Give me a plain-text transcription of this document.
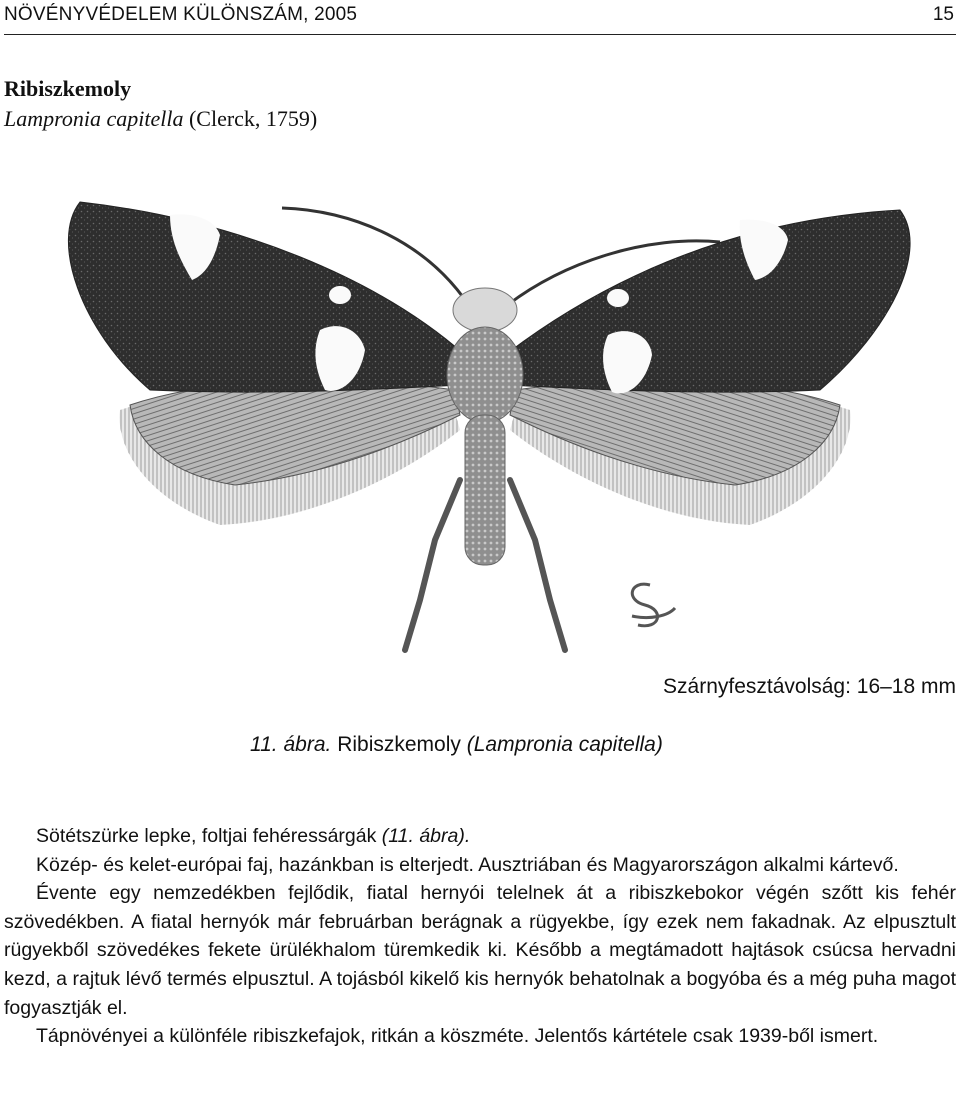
NÖVÉNYVÉDELEM KÜLÖNSZÁM, 2005	15
Ribiszkemoly
Lampronia capitella (Clerck, 1759)
Szárnyfesztávolság: 16–18 mm
11. ábra. Ribiszkemoly (Lampronia capitella)

Sötétszürke lepke, foltjai fehéressárgák (11. ábra).

Közép- és kelet-európai faj, hazánkban is elterjedt. Ausztriában és Magyarországon alkalmi kártevő.

Évente egy nemzedékben fejlődik, fiatal hernyói telelnek át a ribiszkebokor végén szőtt kis fehér szövedékben. A fiatal hernyók már februárban berágnak a rügyekbe, így ezek nem fakadnak. Az elpusztult rügyekből szövedékes fekete ürülékhalom türemkedik ki. Később a megtámadott hajtások csúcsa hervadni kezd, a rajtuk lévő termés elpusztul. A tojásból kikelő kis hernyók behatolnak a bogyóba és a még puha magot fogyasztják el.

Tápnövényei a különféle ribiszkefajok, ritkán a köszméte. Jelentős kártétele csak 1939-ből ismert.
